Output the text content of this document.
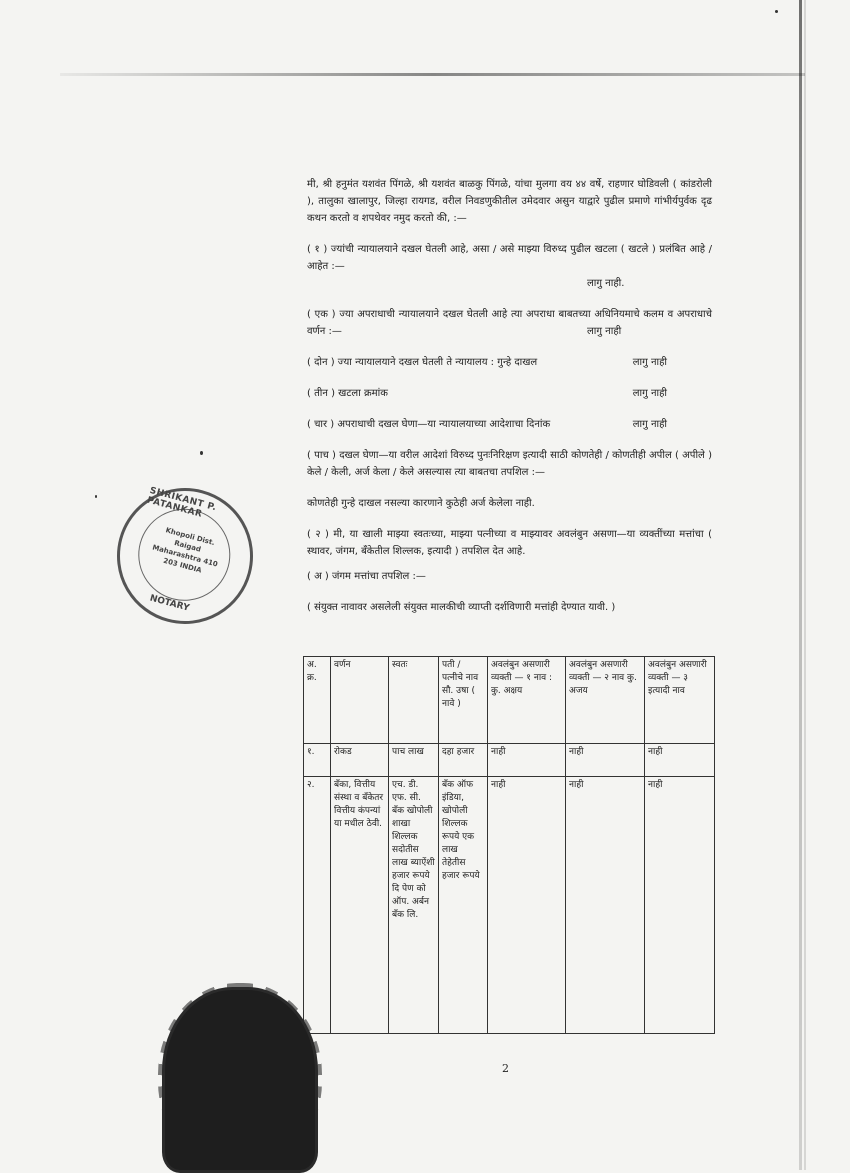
मी, श्री हनुमंत यशवंत पिंगळे, श्री यशवंत बाळकु पिंगळे, यांचा मुलगा वय ४४ वर्षे, राहणार घोडिवली ( कांडरोली ), तालुका खालापुर, जिल्हा रायगड, वरील निवडणुकीतील उमेदवार असुन याद्वारे पुढील प्रमाणे गांभीर्यपुर्वक दृढ कथन करतो व शपथेवर नमुद करतो की, :—

( १ ) ज्यांची न्यायालयाने दखल घेतली आहे, असा / असे माझ्या विरुध्द पुढील खटला ( खटले ) प्रलंबित आहे / आहेत :—

लागु नाही.

( एक ) ज्या अपराधाची न्यायालयाने दखल घेतली आहे त्या अपराधा बाबतच्या अधिनियमाचे कलम व अपराधाचे वर्णन :—	लागु नाही

( दोन ) ज्या न्यायालयाने दखल घेतली ते न्यायालय : गुन्हे दाखल	लागु नाही
( तीन ) खटला क्रमांक	लागु नाही
( चार ) अपराधाची दखल घेणा—या न्यायालयाच्या आदेशाचा दिनांक	लागु नाही

( पाच ) दखल घेणा—या वरील आदेशां विरुध्द पुनःनिरिक्षण इत्यादी साठी कोणतेही / कोणतीही अपील ( अपीले ) केले / केली, अर्ज केला / केले असल्यास त्या बाबतचा तपशिल :—

कोणतेही गुन्हे दाखल नसल्या कारणाने कुठेही अर्ज केलेला नाही.

( २ ) मी, या खाली माझ्या स्वतःच्या, माझ्या पत्नीच्या व माझ्यावर अवलंबुन असणा—या व्यक्तींच्या मत्तांचा ( स्थावर, जंगम, बँकेतील शिल्लक, इत्यादी ) तपशिल देत आहे.

( अ ) जंगम मत्तांचा तपशिल :—

( संयुक्त नावावर असलेली संयुक्त मालकीची व्याप्ती दर्शविणारी मत्तांही देण्यात यावी. )

अ. क्र.	वर्णन	स्वतः	पती / पत्नीचे नाव सौ. उषा ( नावे )	अवलंबुन असणारी व्यक्ती — १ नाव : कु. अक्षय	अवलंबुन असणारी व्यक्ती — २ नाव कु. अजय	अवलंबुन असणारी व्यक्ती — ३ इत्यादी नाव
१.	रोकड	पाच लाख	दहा हजार	नाही	नाही	नाही
२.	बँका, वित्तीय संस्था व बँकेतर वित्तीय कंपन्यां या मधील ठेवी.	एच. डी. एफ. सी. बँक खोपोली शाखा शिल्लक सदोतीस लाख ब्याऐंशी हजार रूपये दि पेण को ऑप. अर्बन बँक लि.	बँक ऑफ इंडिया, खोपोली शिल्लक रूपये एक लाख तेहेतीस हजार रूपये	नाही	नाही	नाही
SHRIKANT P. PATANKAR
Khopoli Dist. Raigad Maharashtra 410 203 INDIA
NOTARY
2
